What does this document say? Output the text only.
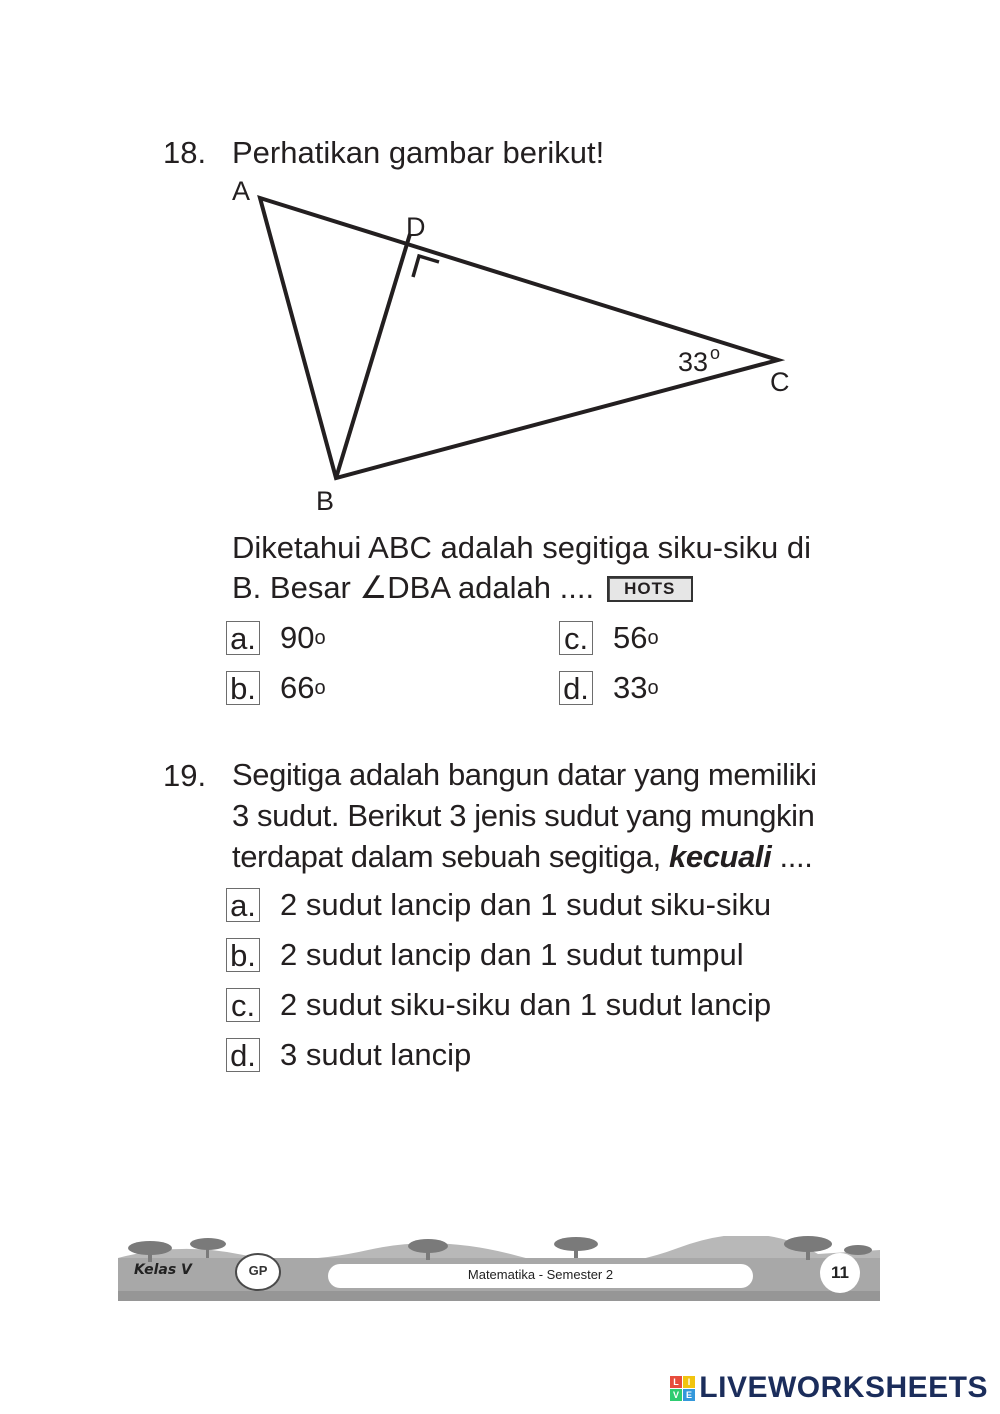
18. Perhatikan gambar berikut!
A
D
B
C
33 o
Diketahui ABC adalah segitiga siku-siku di
B. Besar ∠DBA adalah .... HOTS
a. 90 o
b. 66 o
c. 56 o
d. 33 o
19. Segitiga adalah bangun datar yang memiliki
3 sudut. Berikut 3 jenis sudut yang mungkin
terdapat dalam sebuah segitiga, kecuali ....
a. 2 sudut lancip dan 1 sudut siku-siku
b. 2 sudut lancip dan 1 sudut tumpul
c. 2 sudut siku-siku dan 1 sudut lancip
d. 3 sudut lancip
Kelas V	GP	Matematika - Semester 2	11
L I
V E LIVEWORKSHEETS
